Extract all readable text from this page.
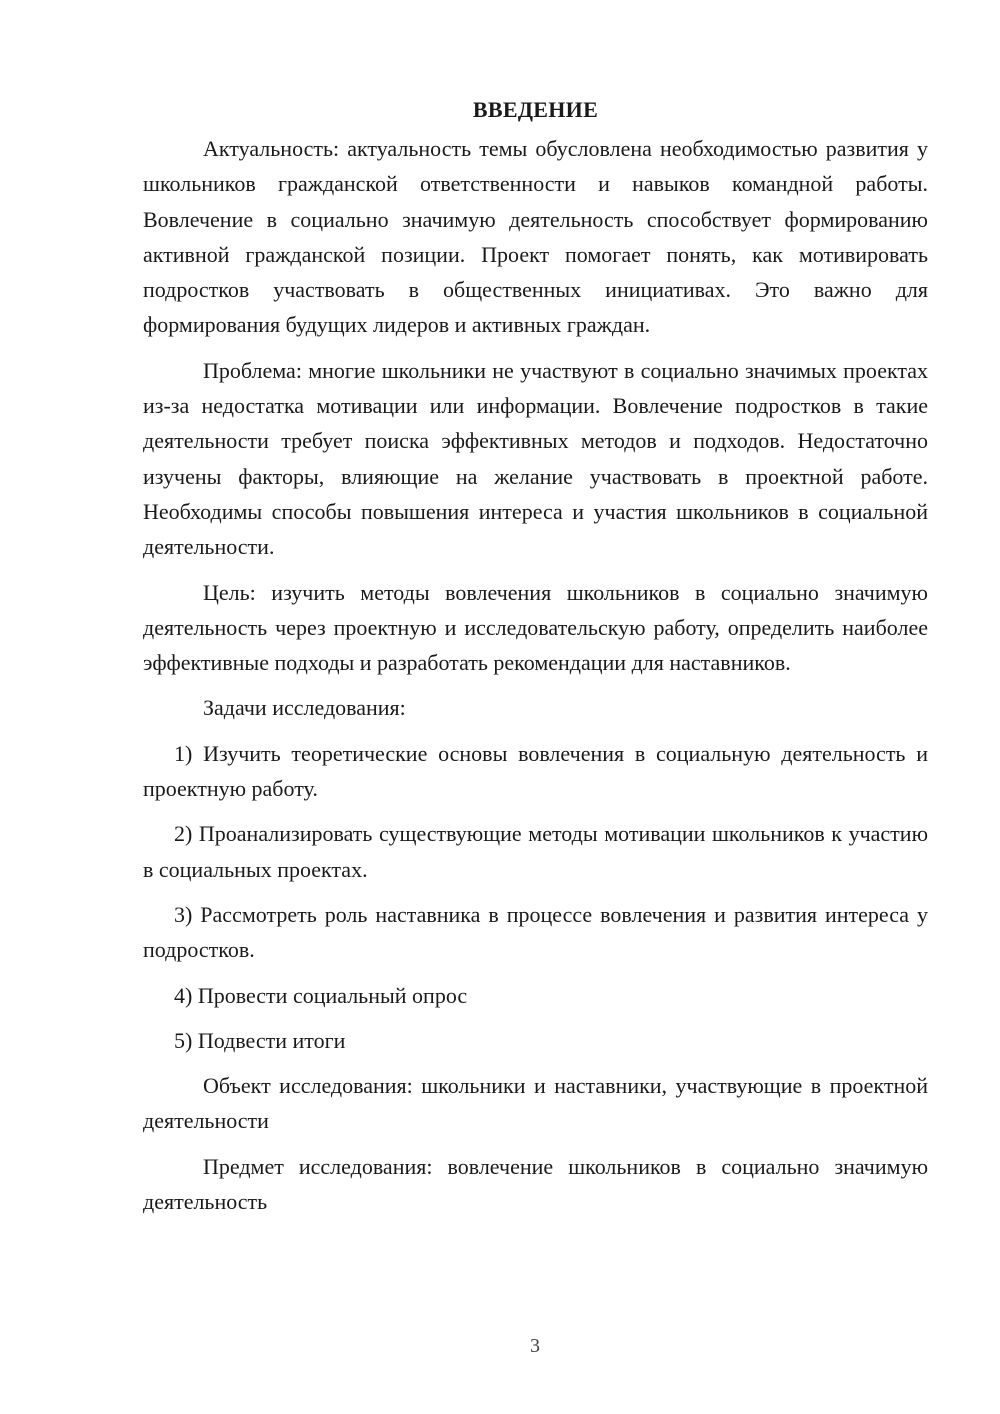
ВВЕДЕНИЕ

Актуальность: актуальность темы обусловлена необходимостью развития у школьников гражданской ответственности и навыков командной работы. Вовлечение в социально значимую деятельность способствует формированию активной гражданской позиции. Проект помогает понять, как мотивировать подростков участвовать в общественных инициативах. Это важно для формирования будущих лидеров и активных граждан.

Проблема: многие школьники не участвуют в социально значимых проектах из-за недостатка мотивации или информации. Вовлечение подростков в такие деятельности требует поиска эффективных методов и подходов. Недостаточно изучены факторы, влияющие на желание участвовать в проектной работе. Необходимы способы повышения интереса и участия школьников в социальной деятельности.

Цель: изучить методы вовлечения школьников в социально значимую деятельность через проектную и исследовательскую работу, определить наиболее эффективные подходы и разработать рекомендации для наставников.

Задачи исследования:

1) Изучить теоретические основы вовлечения в социальную деятельность и проектную работу.

2) Проанализировать существующие методы мотивации школьников к участию в социальных проектах.

3) Рассмотреть роль наставника в процессе вовлечения и развития интереса у подростков.

4) Провести социальный опрос

5) Подвести итоги

Объект исследования: школьники и наставники, участвующие в проектной деятельности

Предмет исследования: вовлечение школьников в социально значимую деятельность

3
